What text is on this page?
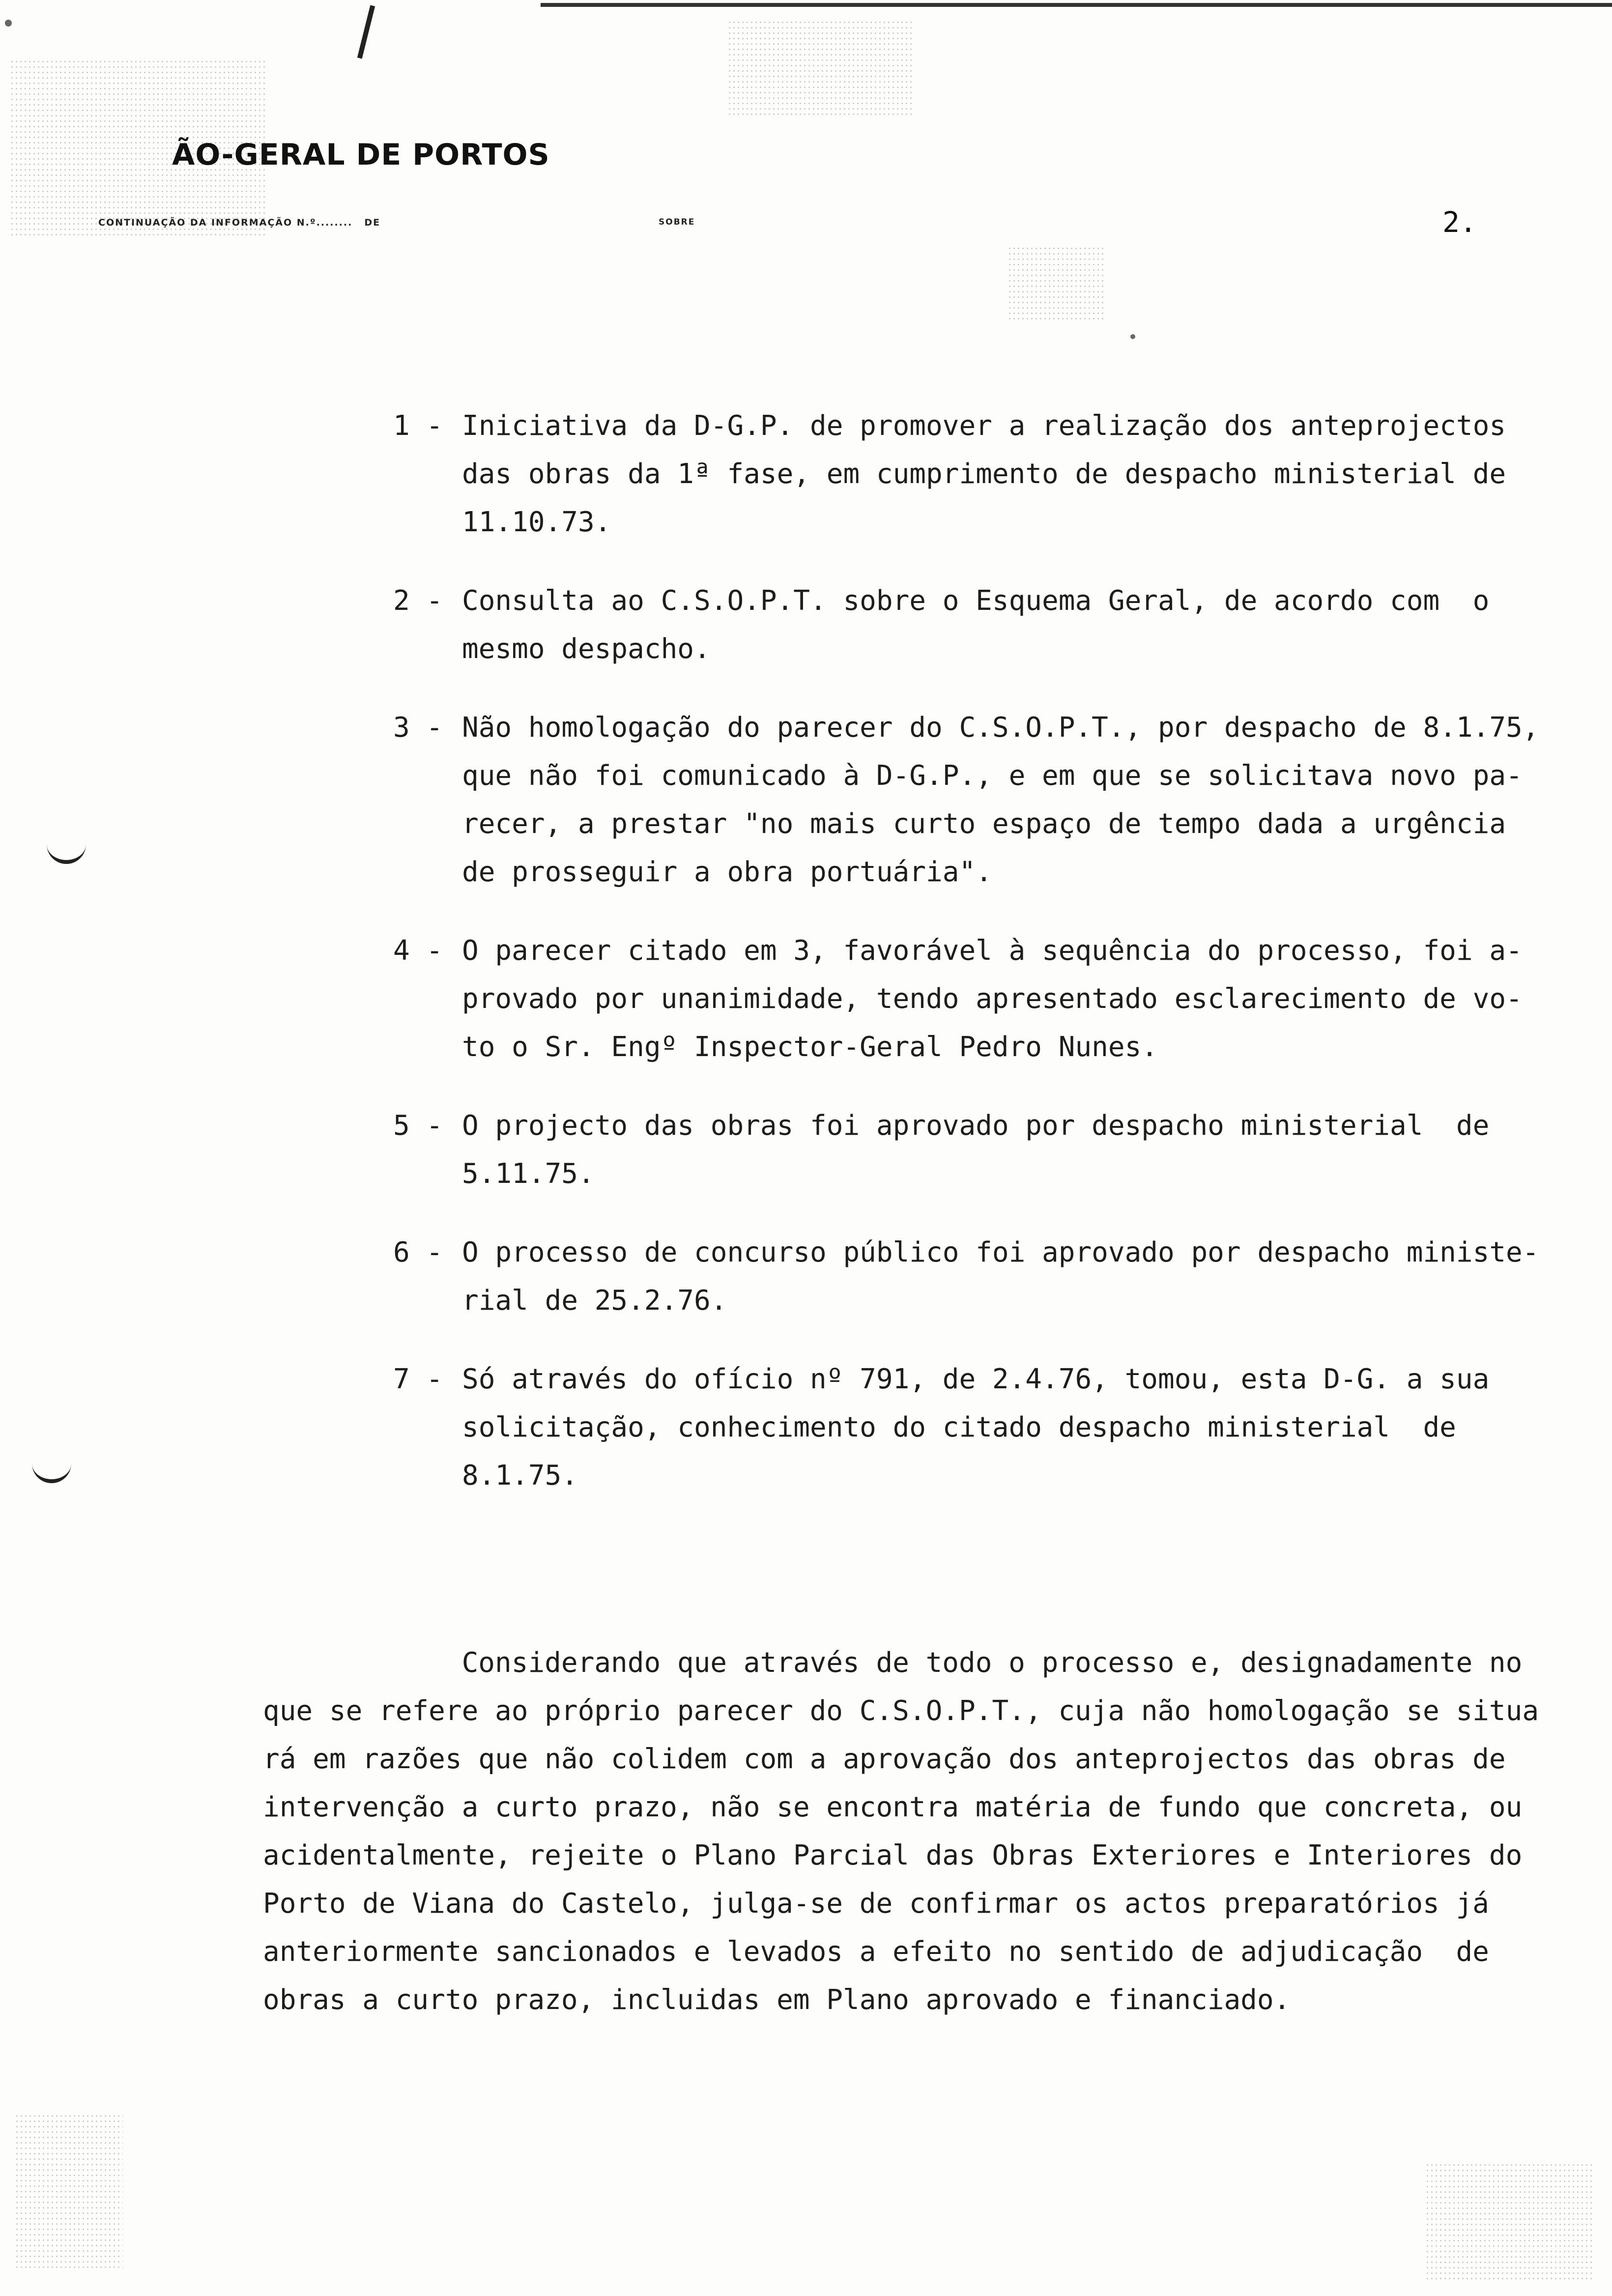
ÃO-GERAL DE PORTOS
CONTINUAÇÃO DA INFORMAÇÃO N.º........ DE	SOBRE	2.
1 - Iniciativa da D-G.P. de promover a realização dos anteprojectos
das obras da 1ª fase, em cumprimento de despacho ministerial de
11.10.73.
2 - Consulta ao C.S.O.P.T. sobre o Esquema Geral, de acordo com  o
mesmo despacho.
3 - Não homologação do parecer do C.S.O.P.T., por despacho de 8.1.75,
que não foi comunicado à D-G.P., e em que se solicitava novo pa-
recer, a prestar "no mais curto espaço de tempo dada a urgência
de prosseguir a obra portuária".
4 - O parecer citado em 3, favorável à sequência do processo, foi a-
provado por unanimidade, tendo apresentado esclarecimento de vo-
to o Sr. Engº Inspector-Geral Pedro Nunes.
5 - O projecto das obras foi aprovado por despacho ministerial  de
5.11.75.
6 - O processo de concurso público foi aprovado por despacho ministe-
rial de 25.2.76.
7 - Só através do ofício nº 791, de 2.4.76, tomou, esta D-G. a sua
solicitação, conhecimento do citado despacho ministerial  de
8.1.75.
Considerando que através de todo o processo e, designadamente no
que se refere ao próprio parecer do C.S.O.P.T., cuja não homologação se situa
rá em razões que não colidem com a aprovação dos anteprojectos das obras de
intervenção a curto prazo, não se encontra matéria de fundo que concreta, ou
acidentalmente, rejeite o Plano Parcial das Obras Exteriores e Interiores do
Porto de Viana do Castelo, julga-se de confirmar os actos preparatórios já
anteriormente sancionados e levados a efeito no sentido de adjudicação  de
obras a curto prazo, incluidas em Plano aprovado e financiado.
